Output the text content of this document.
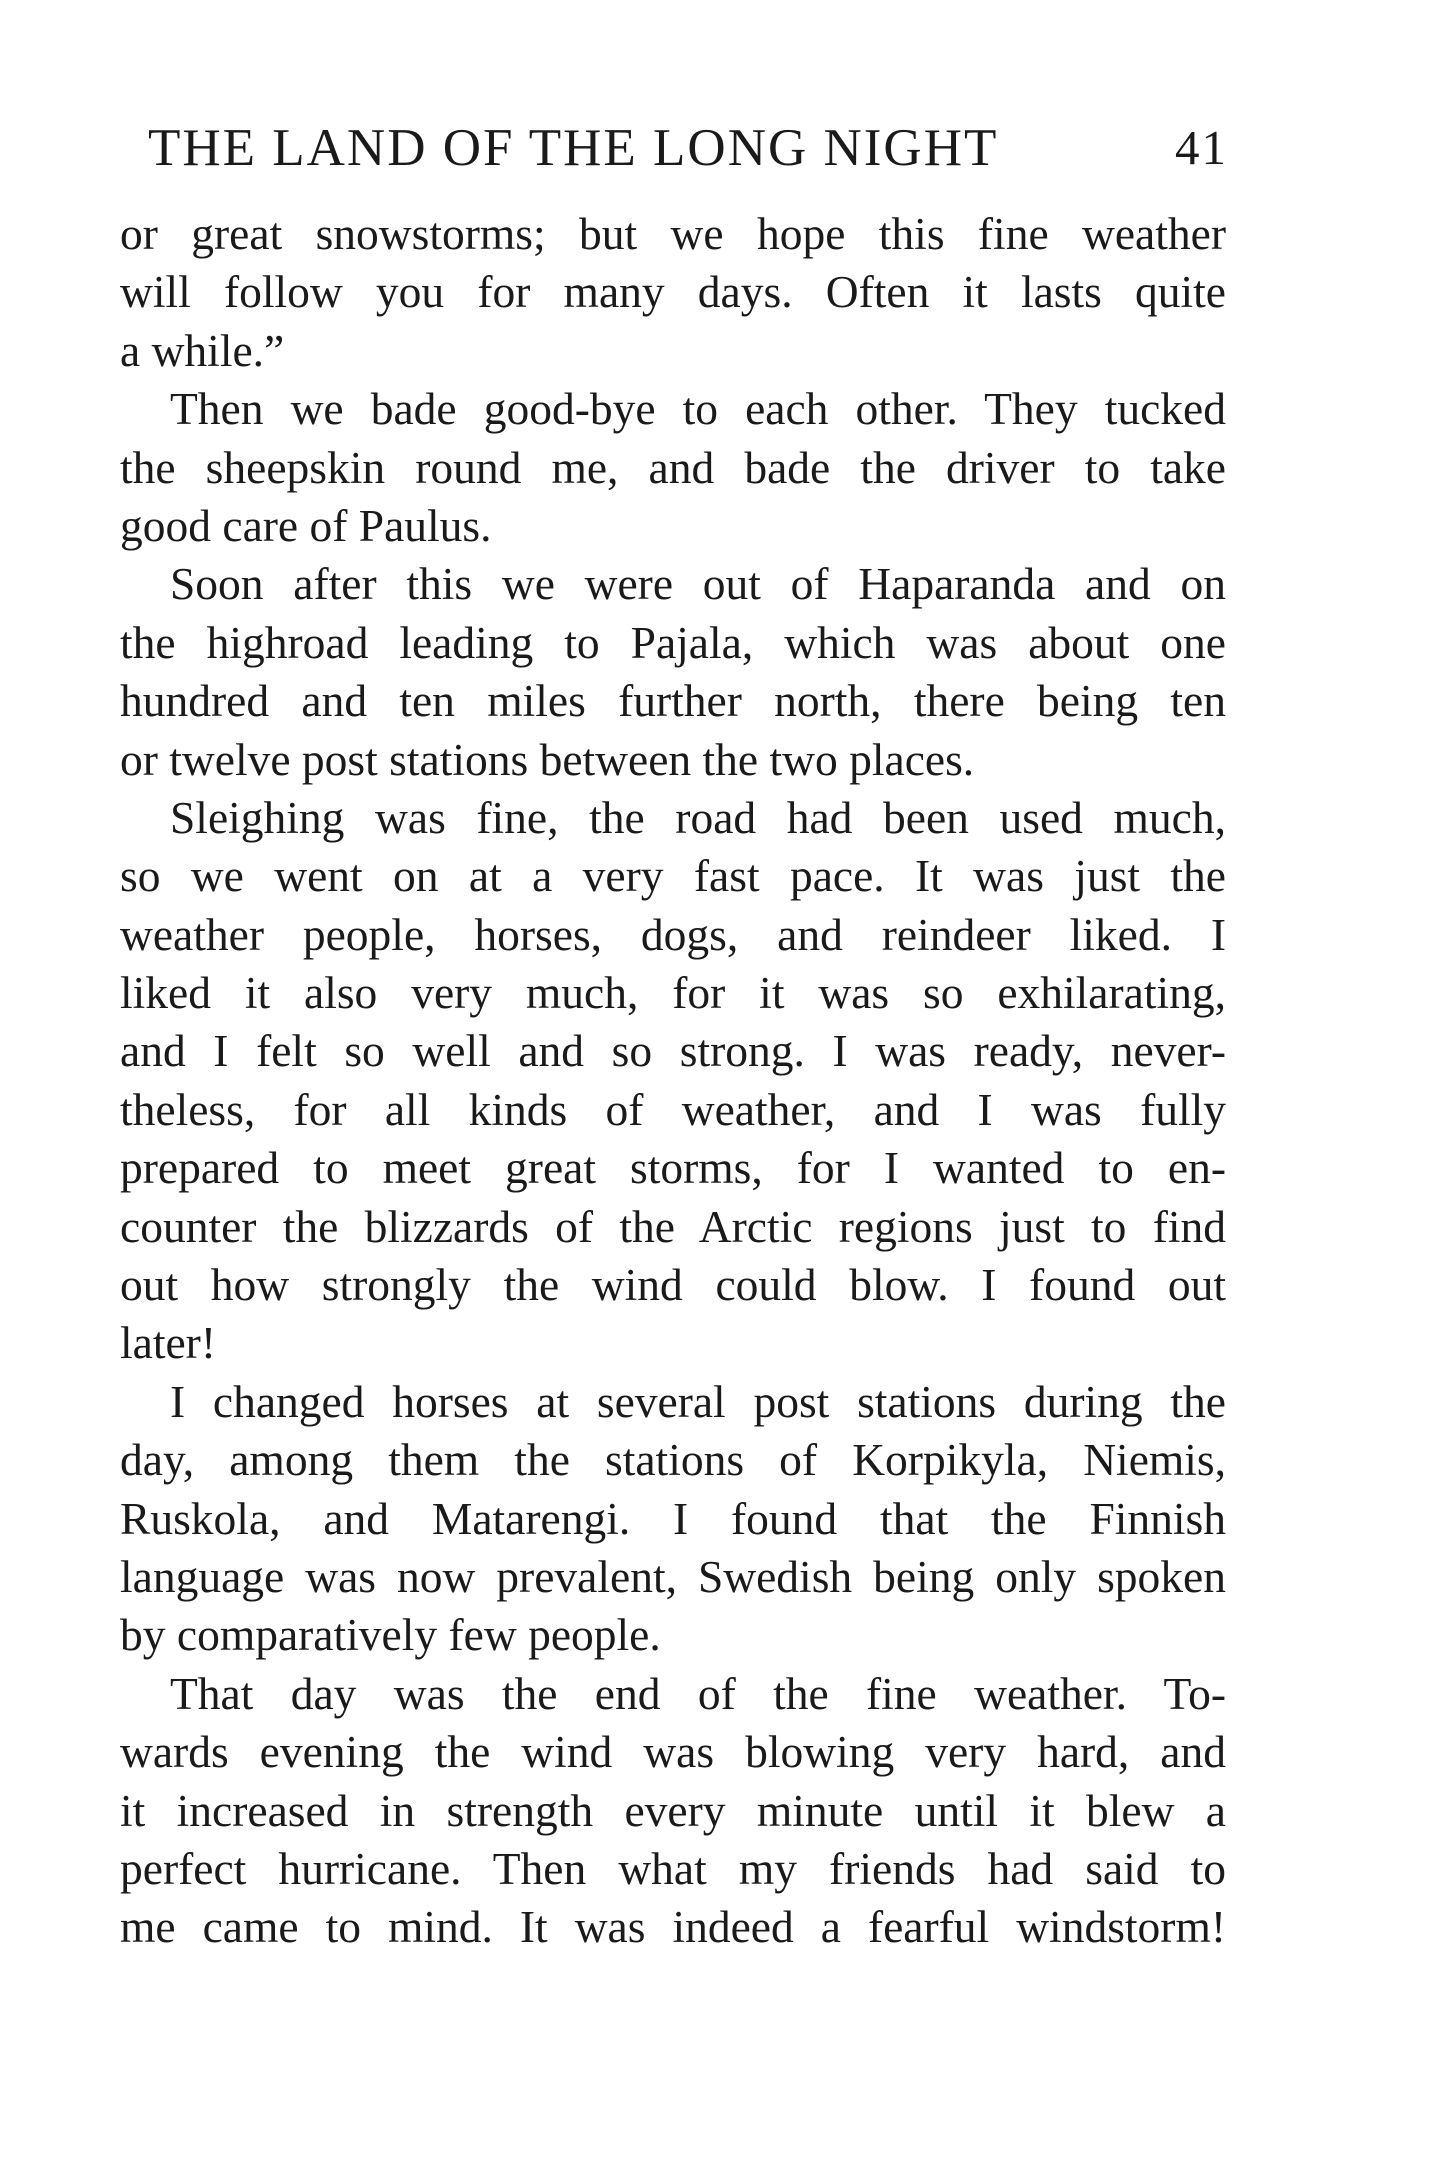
THE LAND OF THE LONG NIGHT	41
or great snowstorms; but we hope this fine weather
will follow you for many days. Often it lasts quite
a while.”
Then we bade good-bye to each other. They tucked
the sheepskin round me, and bade the driver to take
good care of Paulus.
Soon after this we were out of Haparanda and on
the highroad leading to Pajala, which was about one
hundred and ten miles further north, there being ten
or twelve post stations between the two places.
Sleighing was fine, the road had been used much,
so we went on at a very fast pace. It was just the
weather people, horses, dogs, and reindeer liked. I
liked it also very much, for it was so exhilarating,
and I felt so well and so strong. I was ready, never-
theless, for all kinds of weather, and I was fully
prepared to meet great storms, for I wanted to en-
counter the blizzards of the Arctic regions just to find
out how strongly the wind could blow. I found out
later!
I changed horses at several post stations during the
day, among them the stations of Korpikyla, Niemis,
Ruskola, and Matarengi. I found that the Finnish
language was now prevalent, Swedish being only spoken
by comparatively few people.
That day was the end of the fine weather. To-
wards evening the wind was blowing very hard, and
it increased in strength every minute until it blew a
perfect hurricane. Then what my friends had said to
me came to mind. It was indeed a fearful windstorm!
